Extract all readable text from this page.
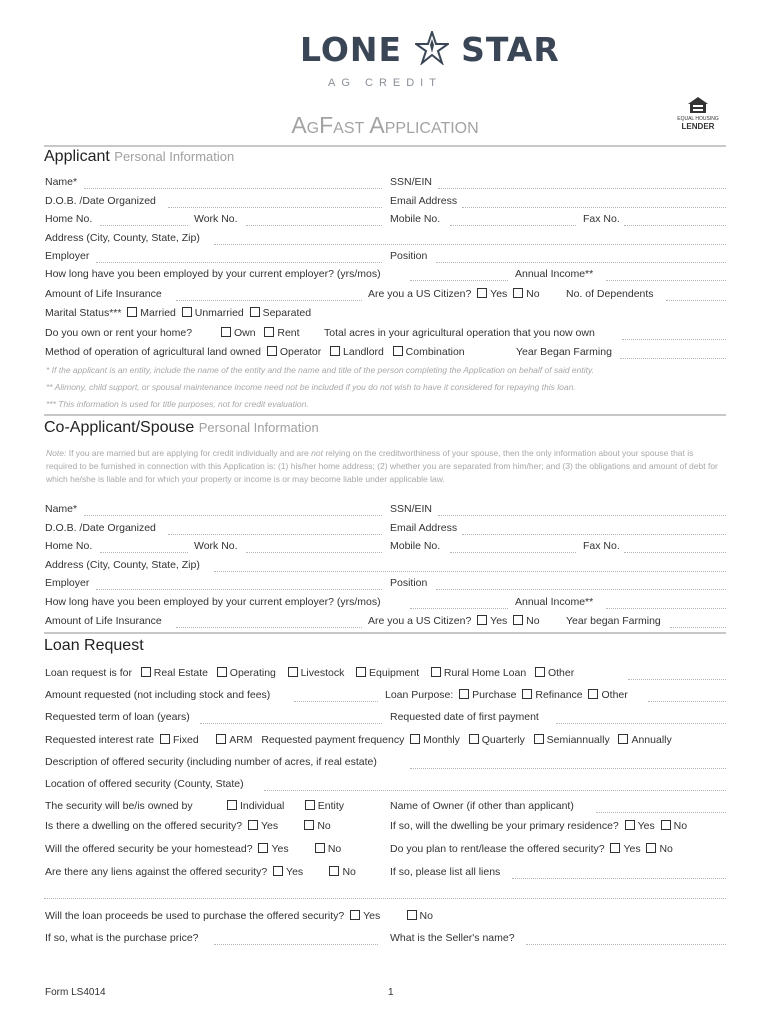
LONE STAR
AG CREDIT
AgFast Application	EQUAL HOUSING
LENDER
Applicant Personal Information
Name*	SSN/EIN
D.O.B. /Date Organized	Email Address
Home No.	Work No.	Mobile No.	Fax No.
Address (City, County, State, Zip)
Employer	Position
How long have you been employed by your current employer? (yrs/mos)	Annual Income**
Amount of Life Insurance	Are you a US Citizen? Yes No	No. of Dependents
Marital Status*** Married Unmarried Separated
Do you own or rent your home?	Own Rent Total acres in your agricultural operation that you now own
Method of operation of agricultural land owned Operator Landlord Combination	Year Began Farming
* If the applicant is an entity, include the name of the entity and the name and title of the person completing the Application on behalf of said entity.
** Alimony, child support, or spousal maintenance income need not be included if you do not wish to have it considered for repaying this loan.
*** This information is used for title purposes, not for credit evaluation.
Co-Applicant/Spouse Personal Information
Note: If you are married but are applying for credit individually and are not relying on the creditworthiness of your spouse, then the only information about your spouse that is required to be furnished in connection with this Application is: (1) his/her home address; (2) whether you are separated from him/her; and (3) the obligations and amount of debt for which he/she is liable and for which your property or income is or may become liable under applicable law.
Name*	SSN/EIN
D.O.B. /Date Organized	Email Address
Home No.	Work No.	Mobile No.	Fax No.
Address (City, County, State, Zip)
Employer	Position
How long have you been employed by your current employer? (yrs/mos)	Annual Income**
Amount of Life Insurance	Are you a US Citizen? Yes No	Year began Farming
Loan Request
Loan request is for Real Estate Operating Livestock Equipment Rural Home Loan Other
Amount requested (not including stock and fees)	Loan Purpose: Purchase Refinance Other
Requested term of loan (years)	Requested date of first payment
Requested interest rate Fixed	ARM Requested payment frequency Monthly Quarterly Semiannually Annually
Description of offered security (including number of acres, if real estate)
Location of offered security (County, State)
The security will be/is owned by	Individual	Entity	Name of Owner (if other than applicant)
Is there a dwelling on the offered security? Yes	No	If so, will the dwelling be your primary residence? Yes No
Will the offered security be your homestead? Yes	No	Do you plan to rent/lease the offered security? Yes No
Are there any liens against the offered security? Yes	No	If so, please list all liens
Will the loan proceeds be used to purchase the offered security? Yes	No
If so, what is the purchase price?	What is the Seller's name?
Form LS4014	1
